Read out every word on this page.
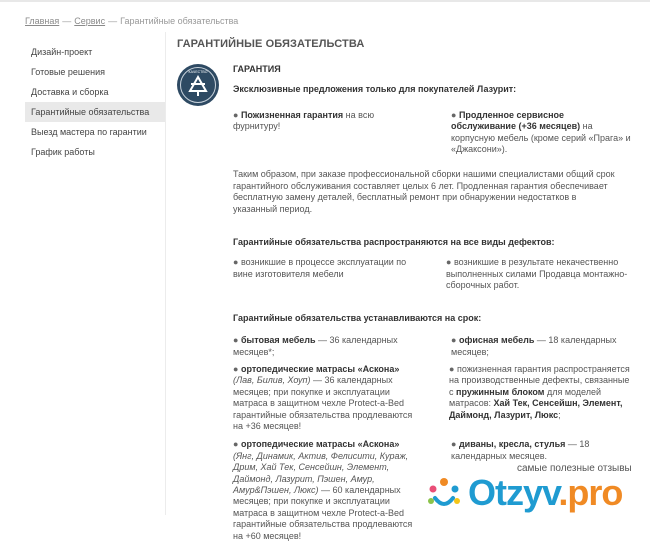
Главная — Сервис — Гарантийные обязательства
Дизайн-проект
Готовые решения
Доставка и сборка
Гарантийные обязательства
Выезд мастера по гарантии
График работы
ГАРАНТИЙНЫЕ ОБЯЗАТЕЛЬСТВА
КАЧЕСТВО	ГАРАНТИЯ
Эксклюзивные предложения только для покупателей Лазурит:
● Пожизненная гарантия на всю фурнитуру!
● Продленное сервисное обслуживание (+36 месяцев) на корпусную мебель (кроме серий «Прага» и «Джаксони»).

Таким образом, при заказе профессиональной сборки нашими специалистами общий срок гарантийного обслуживания составляет целых 6 лет. Продленная гарантия обеспечивает бесплатную замену деталей, бесплатный ремонт при обнаружении недостатков в указанный период.

Гарантийные обязательства распространяются на все виды дефектов:
● возникшие в процессе эксплуатации по вине изготовителя мебели
● возникшие в результате некачественно выполненных силами Продавца монтажно-сборочных работ.
Гарантийные обязательства устанавливаются на срок:
● бытовая мебель — 36 календарных месяцев*;
● офисная мебель — 18 календарных месяцев;
● ортопедические матрасы «Аскона» (Лав, Билив, Хоуп) — 36 календарных месяцев; при покупке и эксплуатации матраса в защитном чехле Protect-a-Bed гарантийные обязательства продлеваются на +36 месяцев!
● пожизненная гарантия распространяется на производственные дефекты, связанные с пружинным блоком для моделей матрасов: Хай Тек, Сенсейшн, Элемент, Даймонд, Лазурит, Люкс;
● ортопедические матрасы «Аскона» (Янг, Динамик, Актив, Фелисити, Кураж, Дрим, Хай Тек, Сенсейшн, Элемент, Даймонд, Лазурит, Пэшен, Амур, Амур&Пэшен, Люкс) — 60 календарных месяцев; при покупке и эксплуатации матраса в защитном чехле Protect-a-Bed гарантийные обязательства продлеваются на +60 месяцев!
● диваны, кресла, стулья — 18 календарных месяцев.
самые полезные отзывы
Otzyv.pro
